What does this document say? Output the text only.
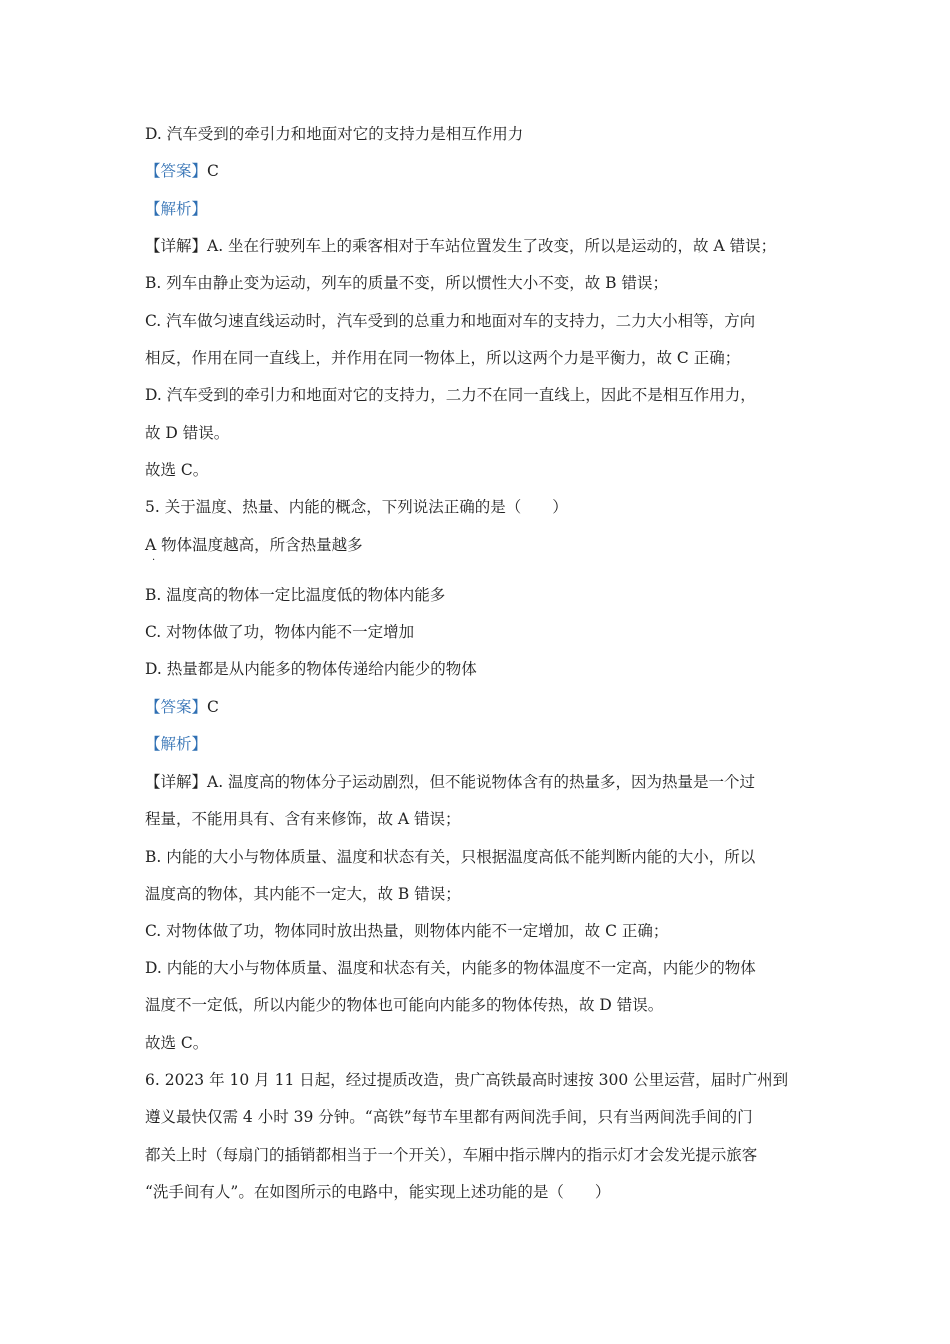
D. 汽车受到的牵引力和地面对它的支持力是相互作用力
【答案】C
【解析】
【详解】A. 坐在行驶列车上的乘客相对于车站位置发生了改变，所以是运动的，故 A 错误；
B. 列车由静止变为运动，列车的质量不变，所以惯性大小不变，故 B 错误；
C. 汽车做匀速直线运动时，汽车受到的总重力和地面对车的支持力，二力大小相等，方向
相反，作用在同一直线上，并作用在同一物体上，所以这两个力是平衡力，故 C 正确；
D. 汽车受到的牵引力和地面对它的支持力，二力不在同一直线上，因此不是相互作用力，
故 D 错误。
故选 C。
5. 关于温度、热量、内能的概念，下列说法正确的是（　　）
A 物体温度越高，所含热量越多
·
B. 温度高的物体一定比温度低的物体内能多
C. 对物体做了功，物体内能不一定增加
D. 热量都是从内能多的物体传递给内能少的物体
【答案】C
【解析】
【详解】A. 温度高的物体分子运动剧烈，但不能说物体含有的热量多，因为热量是一个过
程量，不能用具有、含有来修饰，故 A 错误；
B. 内能的大小与物体质量、温度和状态有关，只根据温度高低不能判断内能的大小，所以
温度高的物体，其内能不一定大，故 B 错误；
C. 对物体做了功，物体同时放出热量，则物体内能不一定增加，故 C 正确；
D. 内能的大小与物体质量、温度和状态有关，内能多的物体温度不一定高，内能少的物体
温度不一定低，所以内能少的物体也可能向内能多的物体传热，故 D 错误。
故选 C。
6. 2023 年 10 月 11 日起，经过提质改造，贵广高铁最高时速按 300 公里运营，届时广州到
遵义最快仅需 4 小时 39 分钟。“高铁”每节车里都有两间洗手间，只有当两间洗手间的门
都关上时（每扇门的插销都相当于一个开关），车厢中指示牌内的指示灯才会发光提示旅客
“洗手间有人”。在如图所示的电路中，能实现上述功能的是（　　）
